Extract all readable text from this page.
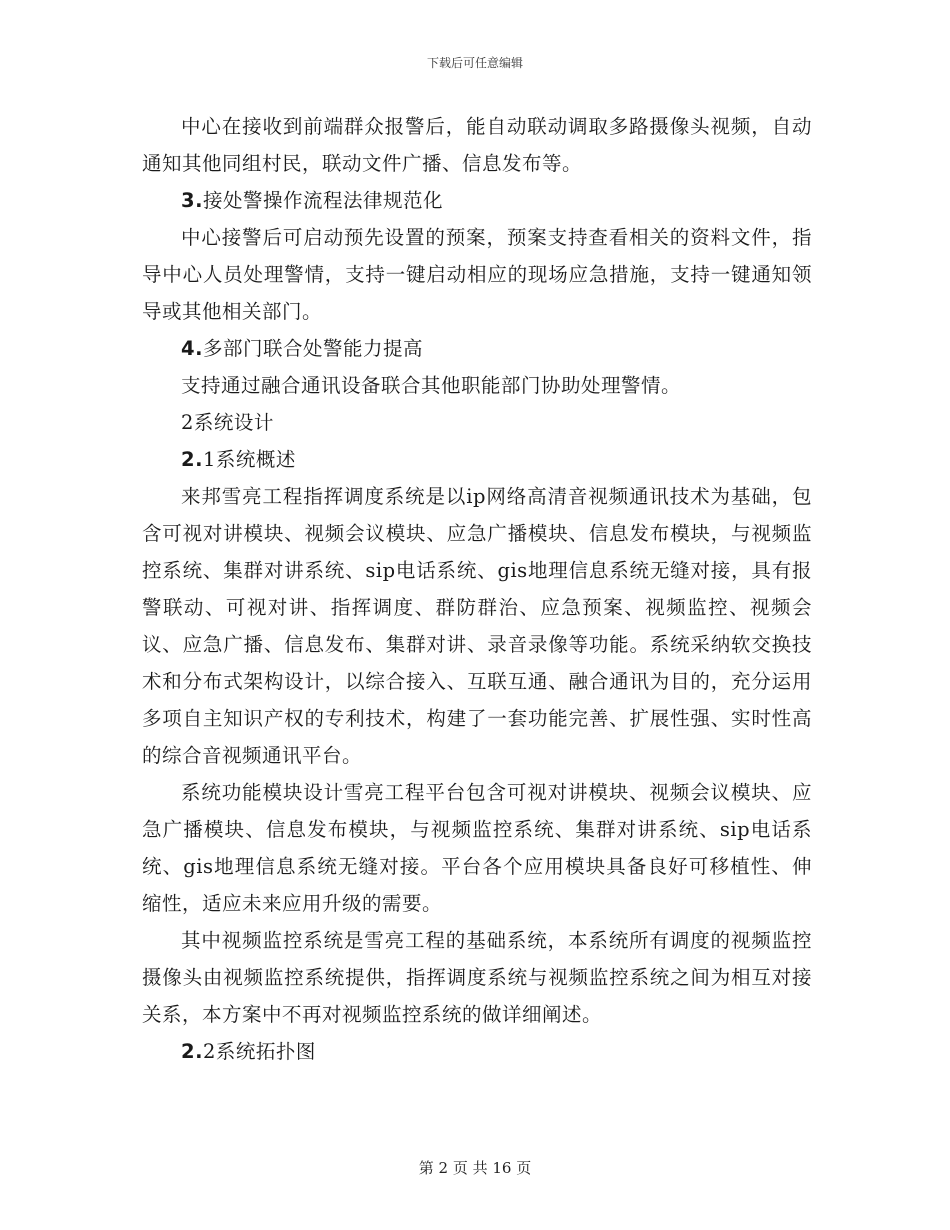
下载后可任意编辑

中心在接收到前端群众报警后，能自动联动调取多路摄像头视频，自动通知其他同组村民，联动文件广播、信息发布等。

3.接处警操作流程法律规范化

中心接警后可启动预先设置的预案，预案支持查看相关的资料文件，指导中心人员处理警情，支持一键启动相应的现场应急措施，支持一键通知领导或其他相关部门。

4.多部门联合处警能力提高

支持通过融合通讯设备联合其他职能部门协助处理警情。

2系统设计

2.1系统概述

来邦雪亮工程指挥调度系统是以ip网络高清音视频通讯技术为基础，包含可视对讲模块、视频会议模块、应急广播模块、信息发布模块，与视频监控系统、集群对讲系统、sip电话系统、gis地理信息系统无缝对接，具有报警联动、可视对讲、指挥调度、群防群治、应急预案、视频监控、视频会议、应急广播、信息发布、集群对讲、录音录像等功能。系统采纳软交换技术和分布式架构设计，以综合接入、互联互通、融合通讯为目的，充分运用多项自主知识产权的专利技术，构建了一套功能完善、扩展性强、实时性高的综合音视频通讯平台。

系统功能模块设计雪亮工程平台包含可视对讲模块、视频会议模块、应急广播模块、信息发布模块，与视频监控系统、集群对讲系统、sip电话系统、gis地理信息系统无缝对接。平台各个应用模块具备良好可移植性、伸缩性，适应未来应用升级的需要。

其中视频监控系统是雪亮工程的基础系统，本系统所有调度的视频监控摄像头由视频监控系统提供，指挥调度系统与视频监控系统之间为相互对接关系，本方案中不再对视频监控系统的做详细阐述。

2.2系统拓扑图

第 2 页 共 16 页
